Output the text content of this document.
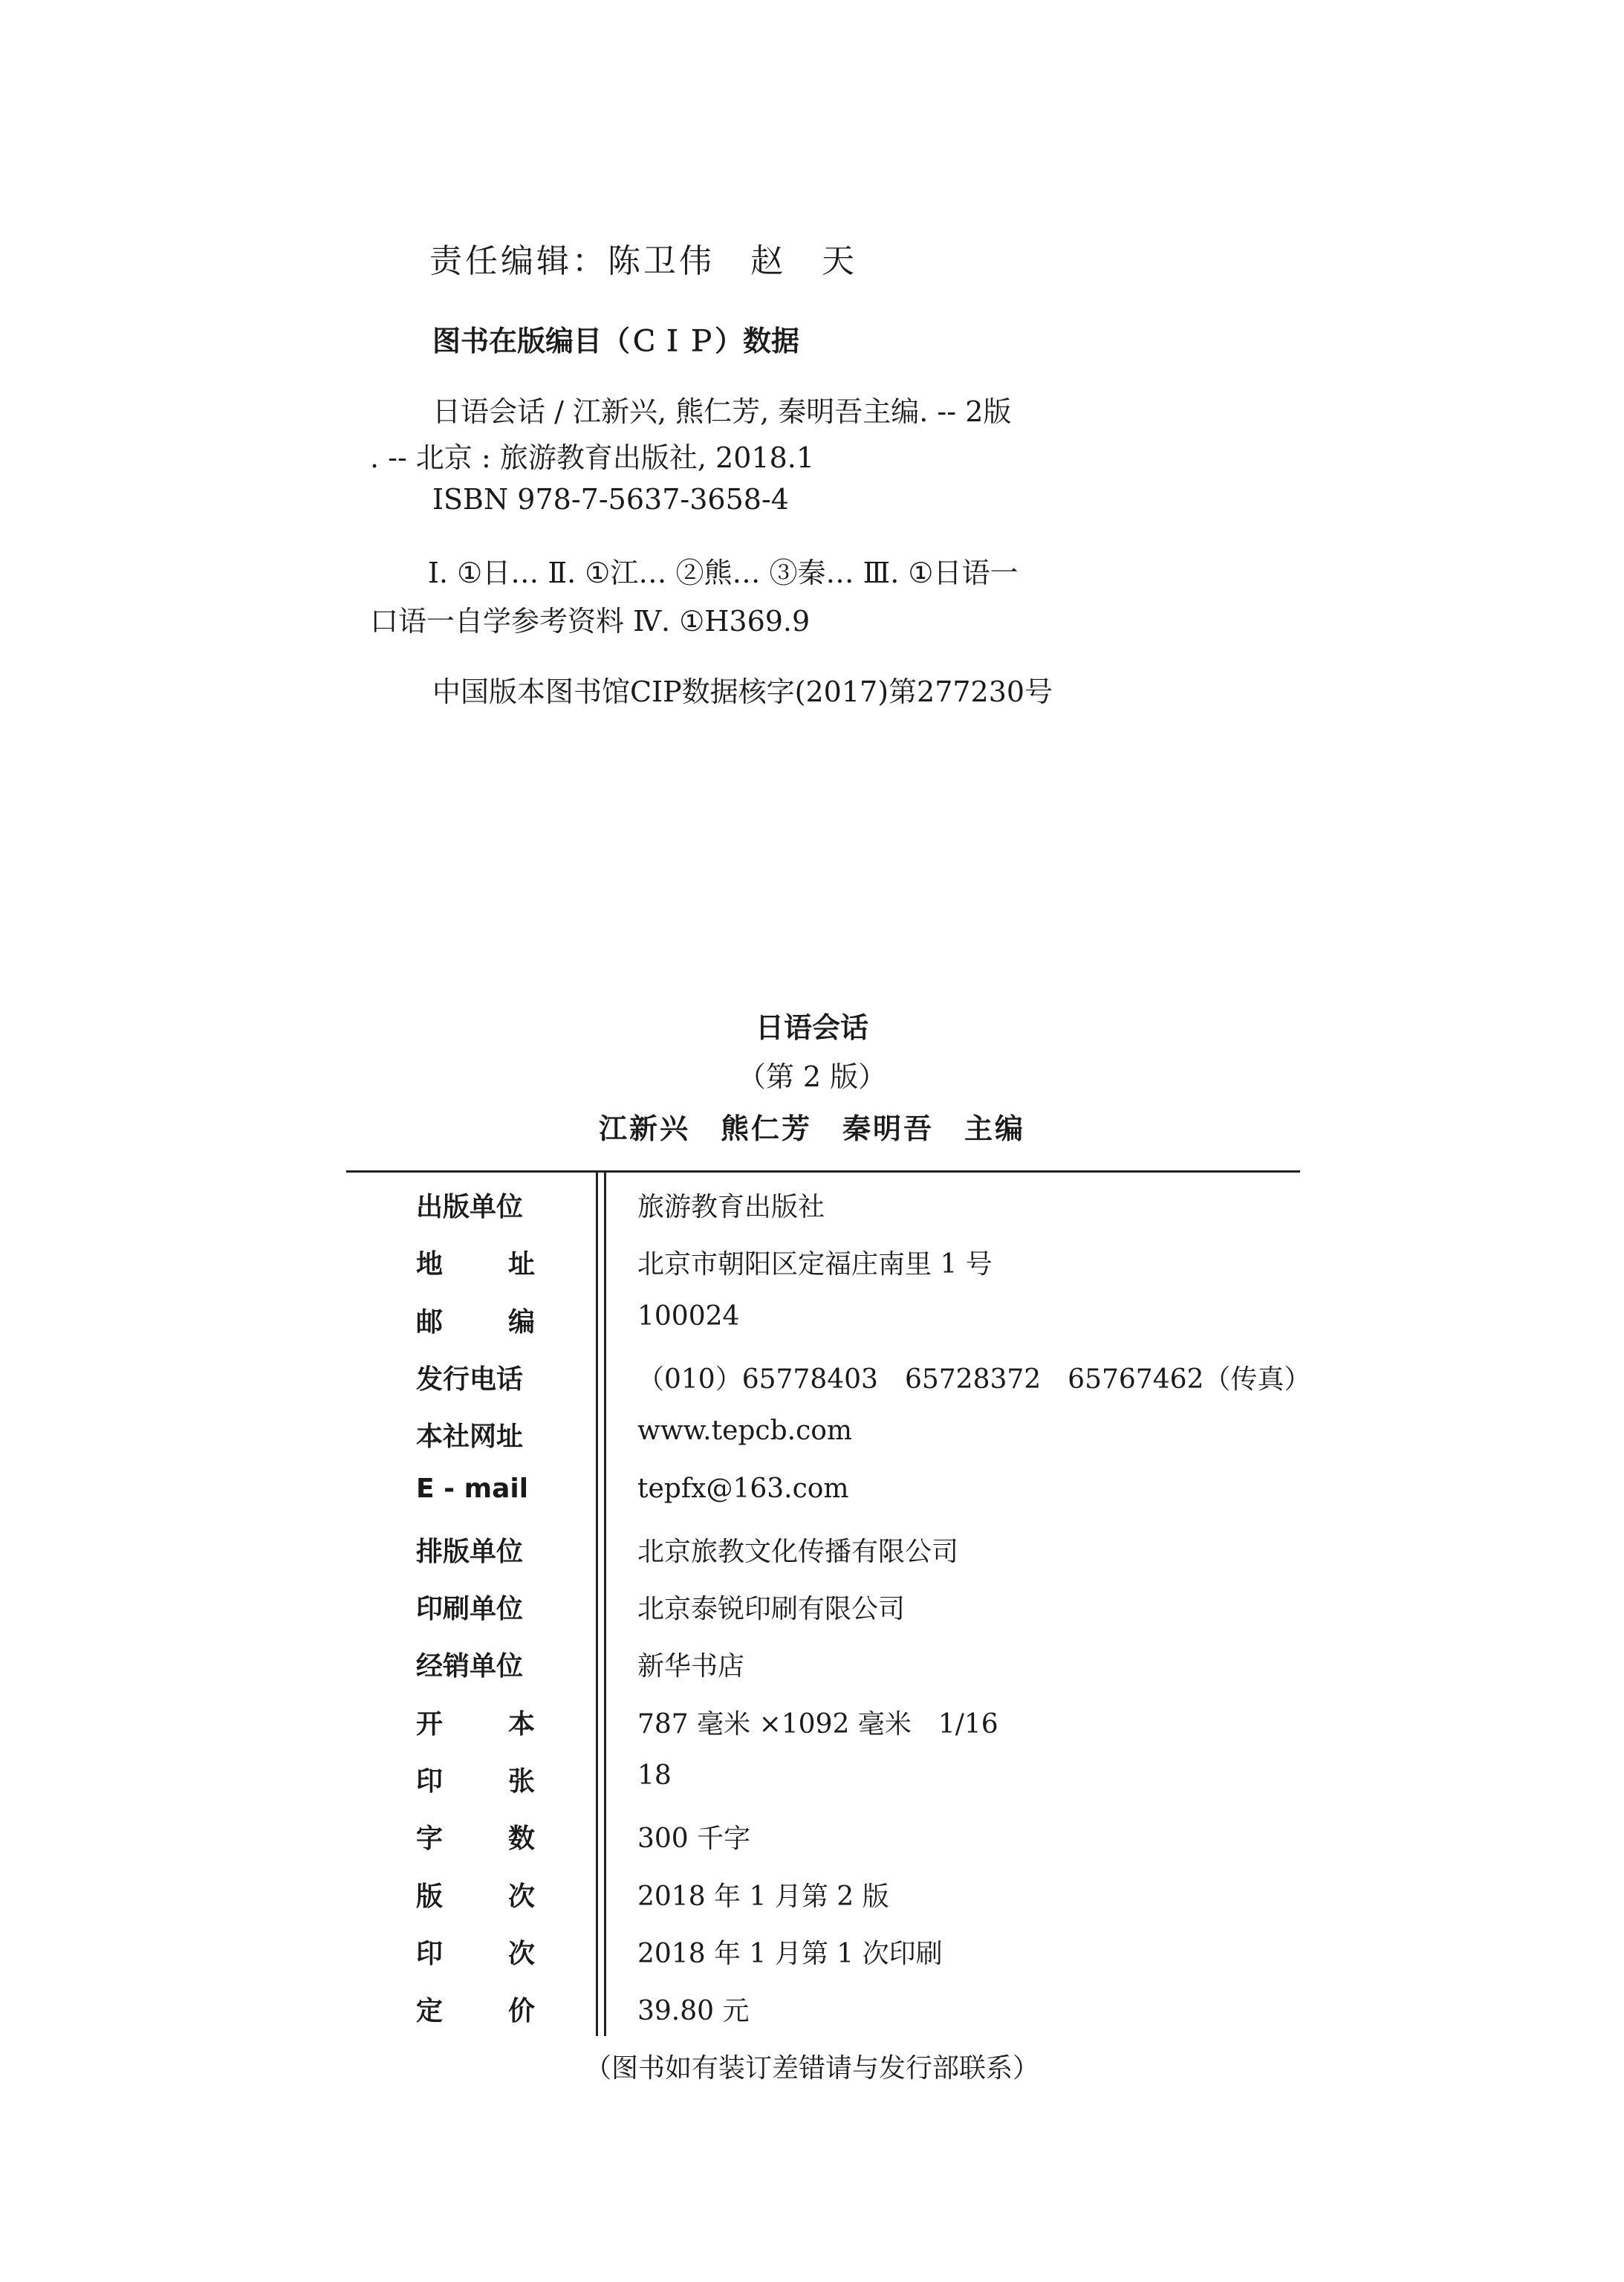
责任编辑：陈卫伟　赵　天
图书在版编目（ＣＩＰ）数据
日语会话 / 江新兴, 熊仁芳, 秦明吾主编. -- 2版
. -- 北京 : 旅游教育出版社, 2018.1
ISBN 978-7-5637-3658-4
Ⅰ. ①日… Ⅱ. ①江… ②熊… ③秦… Ⅲ. ①日语一
口语一自学参考资料 Ⅳ. ①H369.9
中国版本图书馆CIP数据核字(2017)第277230号
日语会话
（第 2 版）
江新兴　熊仁芳　秦明吾　主编
出版单位	旅游教育出版社
地 址	北京市朝阳区定福庄南里 1 号
邮 编	100024
发行电话	（010）65778403　65728372　65767462（传真）
本社网址	www.tepcb.com
E - mail	tepfx@163.com
排版单位	北京旅教文化传播有限公司
印刷单位	北京泰锐印刷有限公司
经销单位	新华书店
开 本	787 毫米 ×1092 毫米　1/16
印 张	18
字 数	300 千字
版 次	2018 年 1 月第 2 版
印 次	2018 年 1 月第 1 次印刷
定 价	39.80 元
（图书如有装订差错请与发行部联系）
